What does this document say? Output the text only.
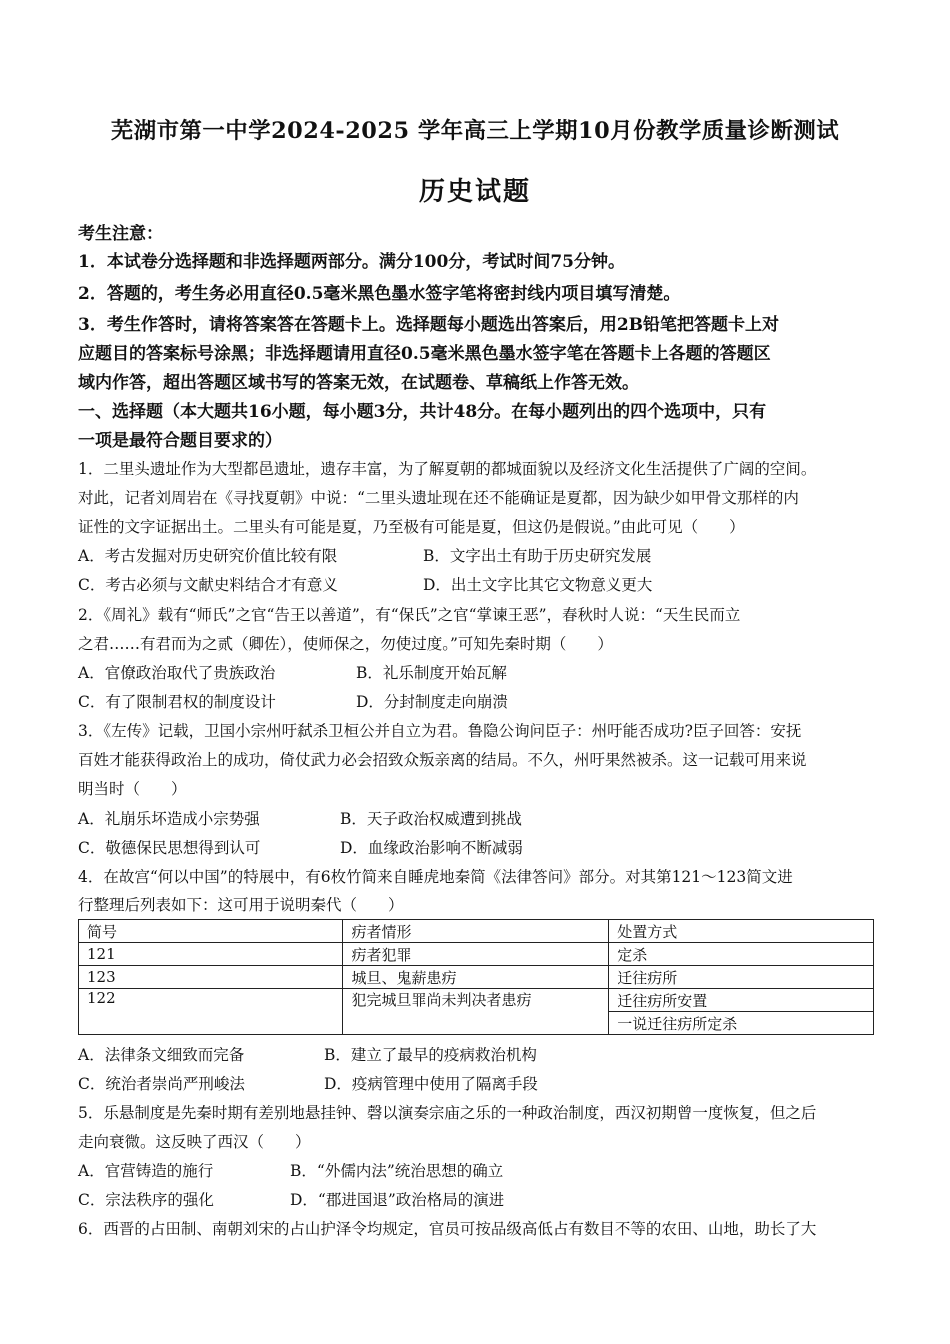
芜湖市第一中学2024-2025 学年高三上学期10月份教学质量诊断测试
历史试题
考生注意：
1．本试卷分选择题和非选择题两部分。满分100分，考试时间75分钟。
2．答题的，考生务必用直径0.5毫米黑色墨水签字笔将密封线内项目填写清楚。
3．考生作答时，请将答案答在答题卡上。选择题每小题选出答案后，用2B铅笔把答题卡上对
应题目的答案标号涂黑；非选择题请用直径0.5毫米黑色墨水签字笔在答题卡上各题的答题区
域内作答，超出答题区域书写的答案无效，在试题卷、草稿纸上作答无效。
一、选择题（本大题共16小题，每小题3分，共计48分。在每小题列出的四个选项中，只有
一项是最符合题目要求的）
1．二里头遗址作为大型都邑遗址，遗存丰富，为了解夏朝的都城面貌以及经济文化生活提供了广阔的空间。
对此，记者刘周岩在《寻找夏朝》中说：“二里头遗址现在还不能确证是夏都，因为缺少如甲骨文那样的内
证性的文字证据出土。二里头有可能是夏，乃至极有可能是夏，但这仍是假说。”由此可见（　　）
A．考古发掘对历史研究价值比较有限	B．文字出土有助于历史研究发展
C．考古必须与文献史料结合才有意义	D．出土文字比其它文物意义更大
2．《周礼》载有“师氏”之官“告王以善道”，有“保氏”之官“掌谏王恶”，春秋时人说：“天生民而立
之君……有君而为之贰（卿佐），使师保之，勿使过度。”可知先秦时期（　　）
A．官僚政治取代了贵族政治	B．礼乐制度开始瓦解
C．有了限制君权的制度设计	D．分封制度走向崩溃
3．《左传》记载，卫国小宗州吁弑杀卫桓公并自立为君。鲁隐公询问臣子：州吁能否成功?臣子回答：安抚
百姓才能获得政治上的成功，倚仗武力必会招致众叛亲离的结局。不久，州吁果然被杀。这一记载可用来说
明当时（　　）
A．礼崩乐坏造成小宗势强	B．天子政治权威遭到挑战
C．敬德保民思想得到认可	D．血缘政治影响不断减弱
4．在故宫“何以中国”的特展中，有6枚竹简来自睡虎地秦简《法律答问》部分。对其第121～123简文进
行整理后列表如下：这可用于说明秦代（　　）
简号	疠者情形	处置方式
121	疠者犯罪	定杀
123	城旦、鬼薪患疠	迁往疠所
122	犯完城旦罪尚未判决者患疠	迁往疠所安置
		一说迁往疠所定杀
A．法律条文细致而完备	B．建立了最早的疫病救治机构
C．统治者崇尚严刑峻法	D．疫病管理中使用了隔离手段
5．乐悬制度是先秦时期有差别地悬挂钟、磬以演奏宗庙之乐的一种政治制度，西汉初期曾一度恢复，但之后
走向衰微。这反映了西汉（　　）
A．官营铸造的施行	B．“外儒内法”统治思想的确立
C．宗法秩序的强化	D．“郡进国退”政治格局的演进
6．西晋的占田制、南朝刘宋的占山护泽令均规定，官员可按品级高低占有数目不等的农田、山地，助长了大
